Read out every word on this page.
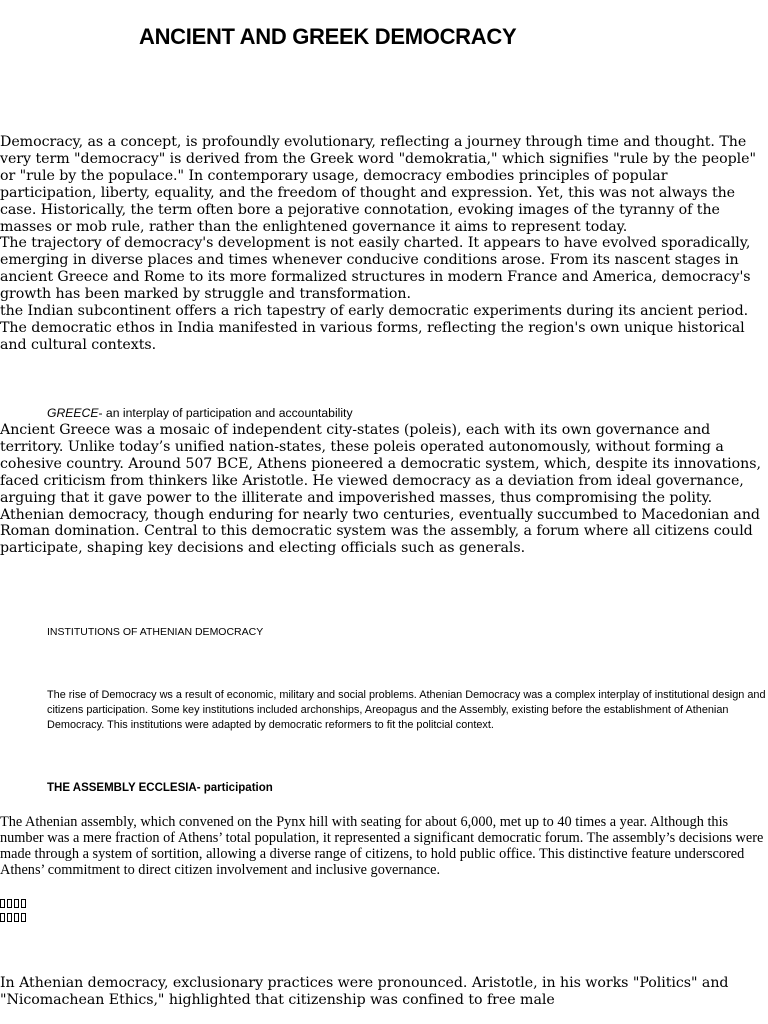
ANCIENT AND GREEK DEMOCRACY

Democracy, as a concept, is profoundly evolutionary, reflecting a journey through time and thought. The very term "democracy" is derived from the Greek word "demokratia," which signifies "rule by the people" or "rule by the populace." In contemporary usage, democracy embodies principles of popular participation, liberty, equality, and the freedom of thought and expression. Yet, this was not always the case. Historically, the term often bore a pejorative connotation, evoking images of the tyranny of the masses or mob rule, rather than the enlightened governance it aims to represent today.

The trajectory of democracy's development is not easily charted. It appears to have evolved sporadically, emerging in diverse places and times whenever conducive conditions arose. From its nascent stages in ancient Greece and Rome to its more formalized structures in modern France and America, democracy's growth has been marked by struggle and transformation.

the Indian subcontinent offers a rich tapestry of early democratic experiments during its ancient period. The democratic ethos in India manifested in various forms, reflecting the region's own unique historical and cultural contexts.

GREECE- an interplay of participation and accountability

Ancient Greece was a mosaic of independent city-states (poleis), each with its own governance and territory. Unlike today’s unified nation-states, these poleis operated autonomously, without forming a cohesive country. Around 507 BCE, Athens pioneered a democratic system, which, despite its innovations, faced criticism from thinkers like Aristotle. He viewed democracy as a deviation from ideal governance, arguing that it gave power to the illiterate and impoverished masses, thus compromising the polity. Athenian democracy, though enduring for nearly two centuries, eventually succumbed to Macedonian and Roman domination. Central to this democratic system was the assembly, a forum where all citizens could participate, shaping key decisions and electing officials such as generals.

INSTITUTIONS OF ATHENIAN DEMOCRACY
The rise of Democracy ws a result of economic, military and social problems. Athenian Democracy was a complex interplay of institutional design and citizens participation. Some key institutions included archonships, Areopagus and the Assembly, existing before the establishment of Athenian Democracy. This institutions were adapted by democratic reformers to fit the politcial context.
THE ASSEMBLY ECCLESIA- participation
The Athenian assembly, which convened on the Pynx hill with seating for about 6,000, met up to 40 times a year. Although this number was a mere fraction of Athens’ total population, it represented a significant democratic forum. The assembly’s decisions were made through a system of sortition, allowing a diverse range of citizens, to hold public office. This distinctive feature underscored Athens’ commitment to direct citizen involvement and inclusive governance.

In Athenian democracy, exclusionary practices were pronounced. Aristotle, in his works "Politics" and "Nicomachean Ethics," highlighted that citizenship was confined to free male
